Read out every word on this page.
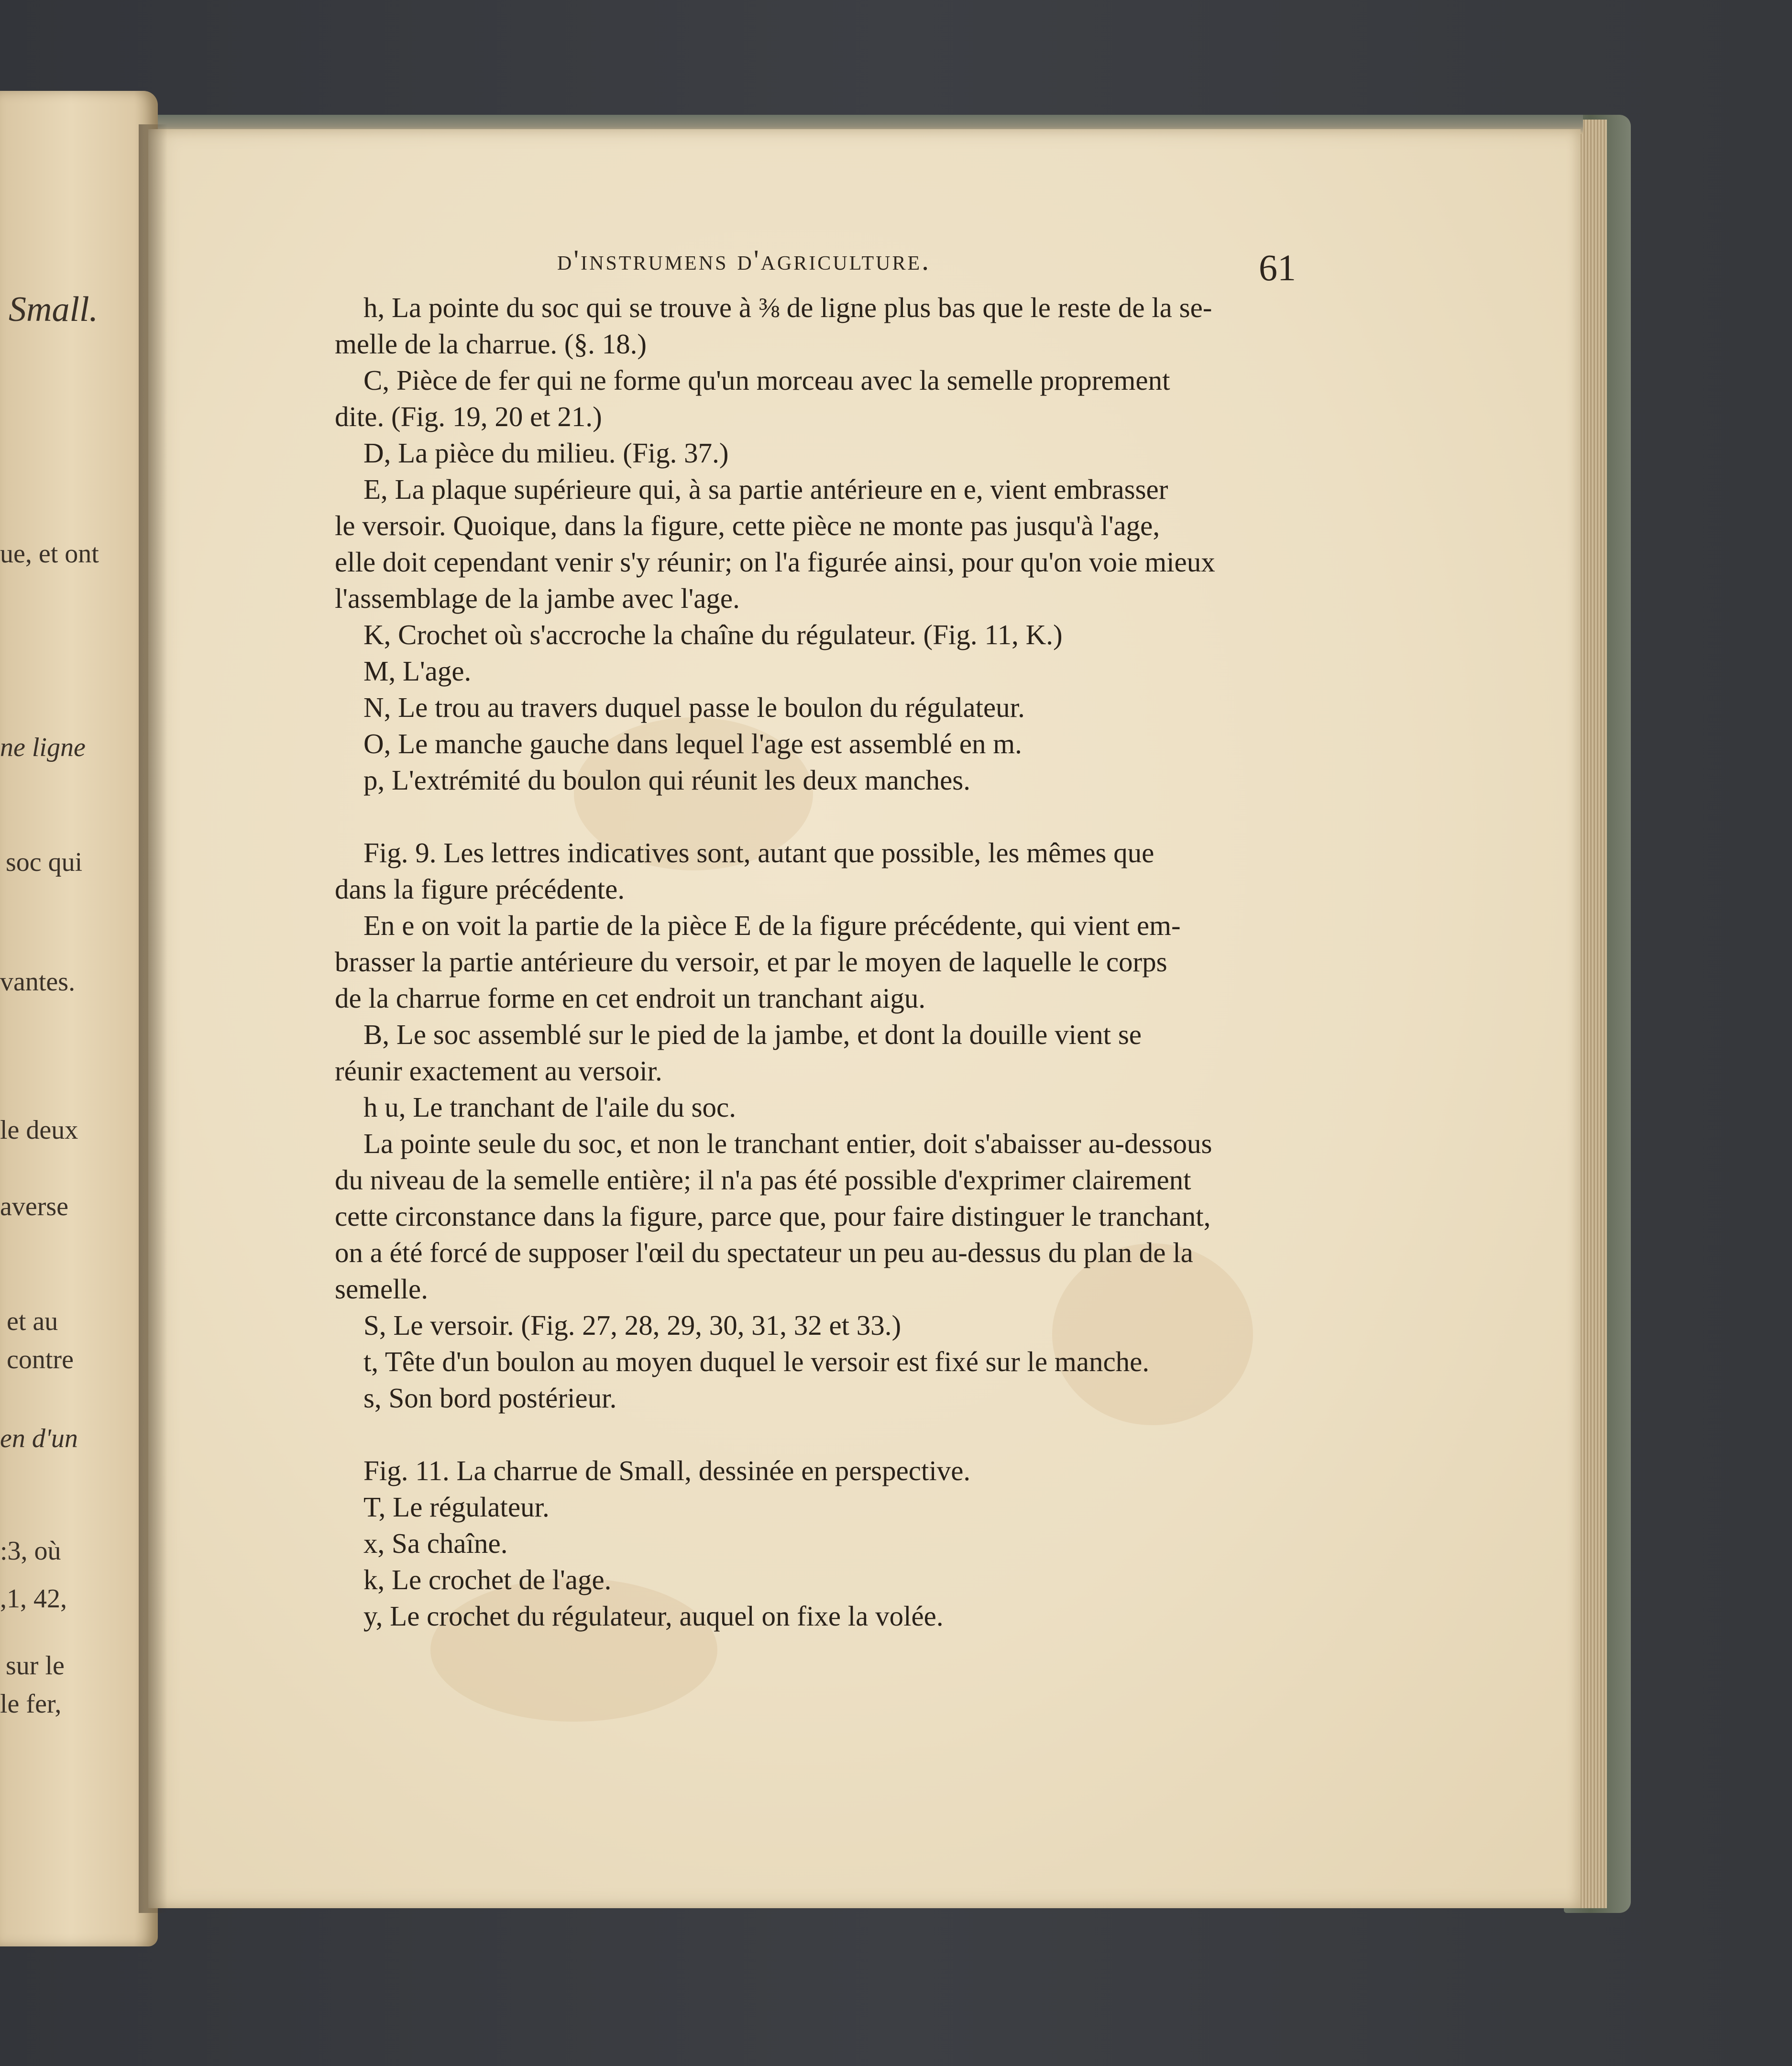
Small.
ue, et ont
ne ligne
soc qui
vantes.
le deux
averse
et au
contre
en d'un
:3, où
,1, 42,
sur le
le fer,
d'instrumens d'agriculture.	61
h, La pointe du soc qui se trouve à ⅜ de ligne plus bas que le reste de la se-
melle de la charrue. (§. 18.)
C, Pièce de fer qui ne forme qu'un morceau avec la semelle proprement
dite. (Fig. 19, 20 et 21.)
D, La pièce du milieu. (Fig. 37.)
E, La plaque supérieure qui, à sa partie antérieure en e, vient embrasser
le versoir. Quoique, dans la figure, cette pièce ne monte pas jusqu'à l'age,
elle doit cependant venir s'y réunir; on l'a figurée ainsi, pour qu'on voie mieux
l'assemblage de la jambe avec l'age.
K, Crochet où s'accroche la chaîne du régulateur. (Fig. 11, K.)
M, L'age.
N, Le trou au travers duquel passe le boulon du régulateur.
O, Le manche gauche dans lequel l'age est assemblé en m.
p, L'extrémité du boulon qui réunit les deux manches.
Fig. 9. Les lettres indicatives sont, autant que possible, les mêmes que
dans la figure précédente.
En e on voit la partie de la pièce E de la figure précédente, qui vient em-
brasser la partie antérieure du versoir, et par le moyen de laquelle le corps
de la charrue forme en cet endroit un tranchant aigu.
B, Le soc assemblé sur le pied de la jambe, et dont la douille vient se
réunir exactement au versoir.
h u, Le tranchant de l'aile du soc.
La pointe seule du soc, et non le tranchant entier, doit s'abaisser au-dessous
du niveau de la semelle entière; il n'a pas été possible d'exprimer clairement
cette circonstance dans la figure, parce que, pour faire distinguer le tranchant,
on a été forcé de supposer l'œil du spectateur un peu au-dessus du plan de la
semelle.
S, Le versoir. (Fig. 27, 28, 29, 30, 31, 32 et 33.)
t, Tête d'un boulon au moyen duquel le versoir est fixé sur le manche.
s, Son bord postérieur.
Fig. 11. La charrue de Small, dessinée en perspective.
T, Le régulateur.
x, Sa chaîne.
k, Le crochet de l'age.
y, Le crochet du régulateur, auquel on fixe la volée.
